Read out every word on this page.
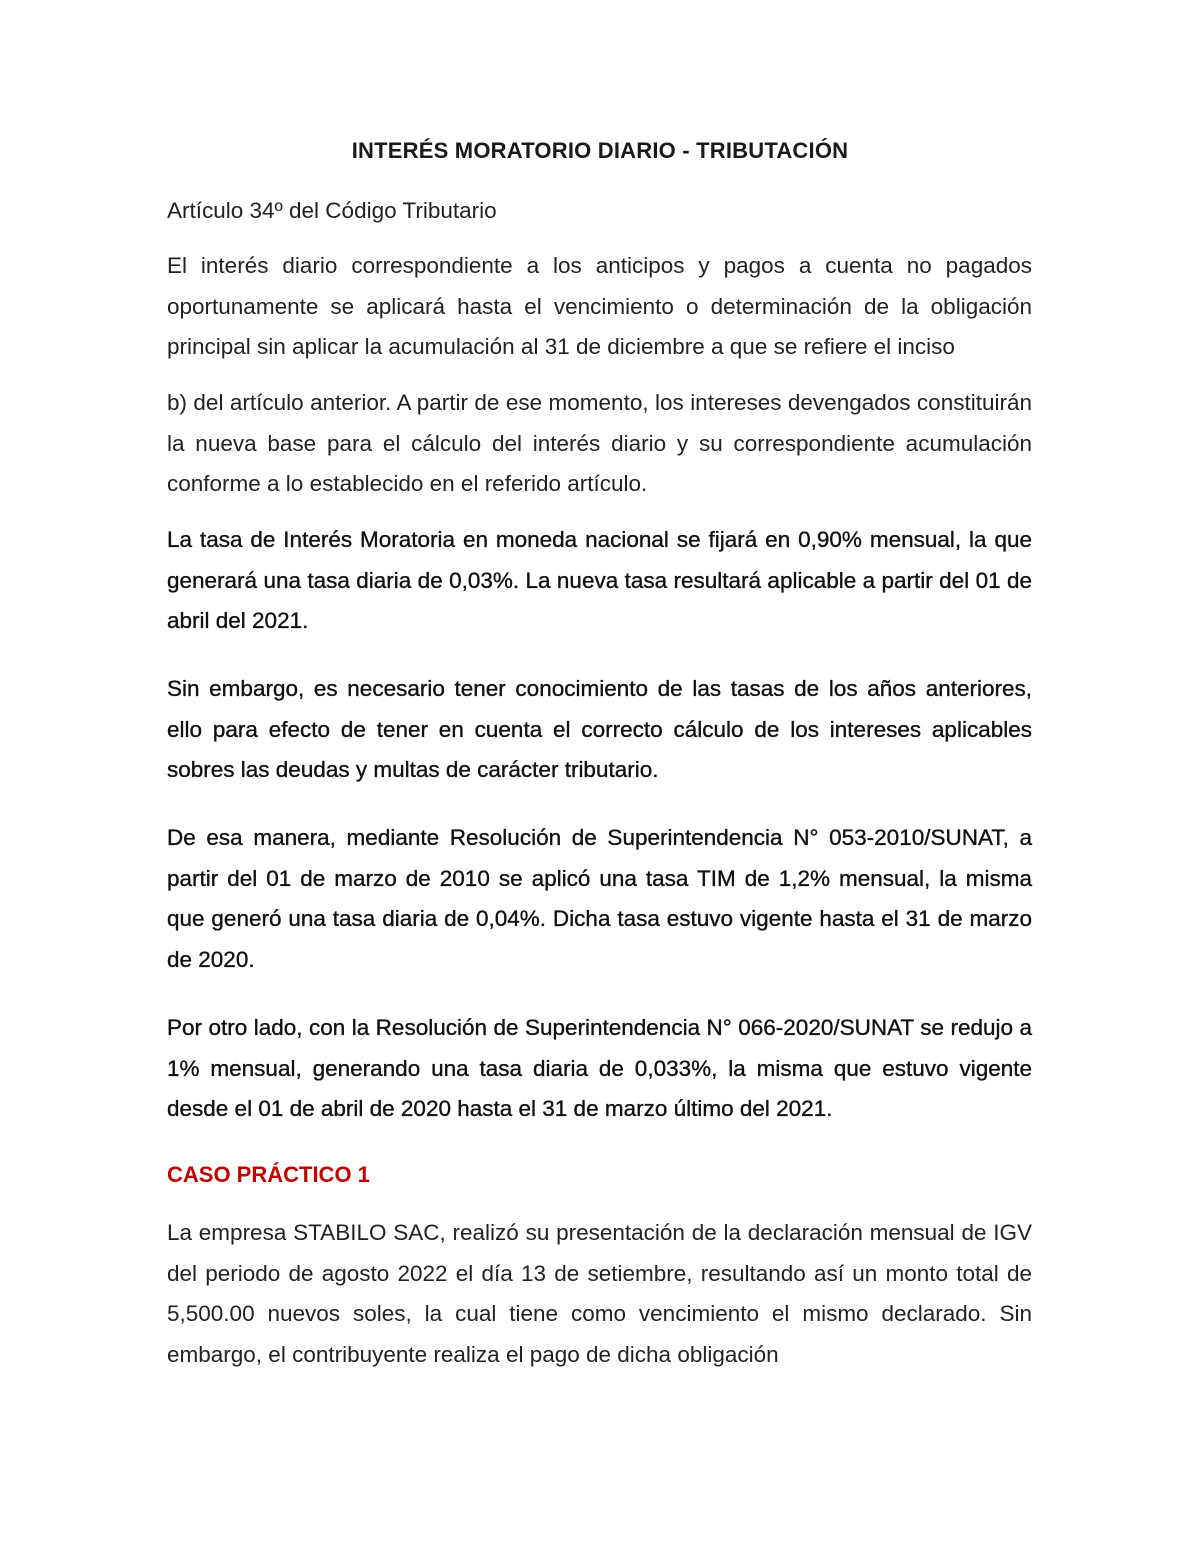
INTERÉS MORATORIO DIARIO - TRIBUTACIÓN

Artículo 34º del Código Tributario

El interés diario correspondiente a los anticipos y pagos a cuenta no pagados oportunamente se aplicará hasta el vencimiento o determinación de la obligación principal sin aplicar la acumulación al 31 de diciembre a que se refiere el inciso

b) del artículo anterior. A partir de ese momento, los intereses devengados constituirán la nueva base para el cálculo del interés diario y su correspondiente acumulación conforme a lo establecido en el referido artículo.

La tasa de Interés Moratoria en moneda nacional se fijará en 0,90% mensual, la que generará una tasa diaria de 0,03%. La nueva tasa resultará aplicable a partir del 01 de abril del 2021.

Sin embargo, es necesario tener conocimiento de las tasas de los años anteriores, ello para efecto de tener en cuenta el correcto cálculo de los intereses aplicables sobres las deudas y multas de carácter tributario.

De esa manera, mediante Resolución de Superintendencia N° 053-2010/SUNAT, a partir del 01 de marzo de 2010 se aplicó una tasa TIM de 1,2% mensual, la misma que generó una tasa diaria de 0,04%. Dicha tasa estuvo vigente hasta el 31 de marzo de 2020.

Por otro lado, con la Resolución de Superintendencia N° 066-2020/SUNAT se redujo a 1% mensual, generando una tasa diaria de 0,033%, la misma que estuvo vigente desde el 01 de abril de 2020 hasta el 31 de marzo último del 2021.

CASO PRÁCTICO 1

La empresa STABILO SAC, realizó su presentación de la declaración mensual de IGV del periodo de agosto 2022 el día 13 de setiembre, resultando así un monto total de 5,500.00 nuevos soles, la cual tiene como vencimiento el mismo declarado. Sin embargo, el contribuyente realiza el pago de dicha obligación
